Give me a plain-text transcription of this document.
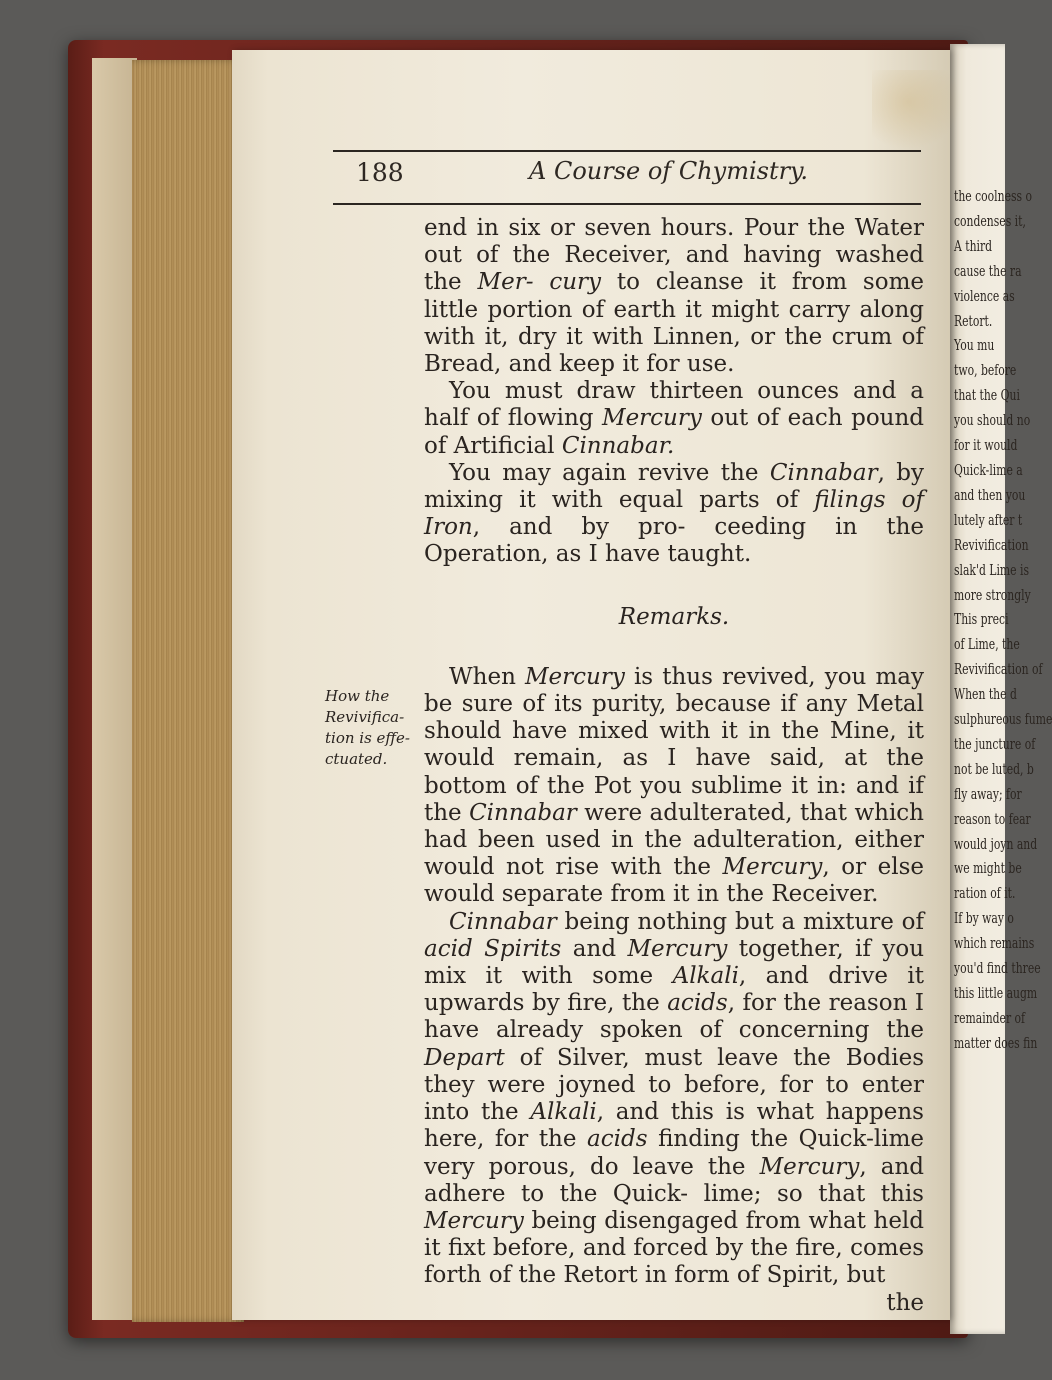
the coolness o
condenses it,
A third
cause the ra
violence as
Retort.
You mu
two, before
that the Qui
you should no
for it would
Quick-lime a
and then you
lutely after t
Revivification
slak'd Lime is
more strongly
This preci
of Lime, the
Revivification of
When the d
sulphureous fume
the juncture of
not be luted, b
fly away; for
reason to fear
would joyn and
we might be
ration of it.
If by way o
which remains
you'd find three
this little augm
remainder of
matter does fin

188	A Course of Chymistry.

How the
Revivifica-
tion is effe-
ctuated.

end in six or seven hours. Pour the Water out of the Receiver, and having washed the Mer- cury to cleanse it from some little portion of earth it might carry along with it, dry it with Linnen, or the crum of Bread, and keep it for use.

You must draw thirteen ounces and a half of flowing Mercury out of each pound of Artificial Cinnabar.

You may again revive the Cinnabar, by mixing it with equal parts of filings of Iron, and by pro- ceeding in the Operation, as I have taught.

Remarks.

When Mercury is thus revived, you may be sure of its purity, because if any Metal should have mixed with it in the Mine, it would remain, as I have said, at the bottom of the Pot you sublime it in: and if the Cinnabar were adulterated, that which had been used in the adulteration, either would not rise with the Mercury, or else would separate from it in the Receiver.

Cinnabar being nothing but a mixture of acid Spirits and Mercury together, if you mix it with some Alkali, and drive it upwards by fire, the acids, for the reason I have already spoken of concerning the Depart of Silver, must leave the Bodies they were joyned to before, for to enter into the Alkali, and this is what happens here, for the acids finding the Quick-lime very porous, do leave the Mercury, and adhere to the Quick- lime; so that this Mercury being disengaged from what held it fixt before, and forced by the fire, comes forth of the Retort in form of Spirit, but

the
